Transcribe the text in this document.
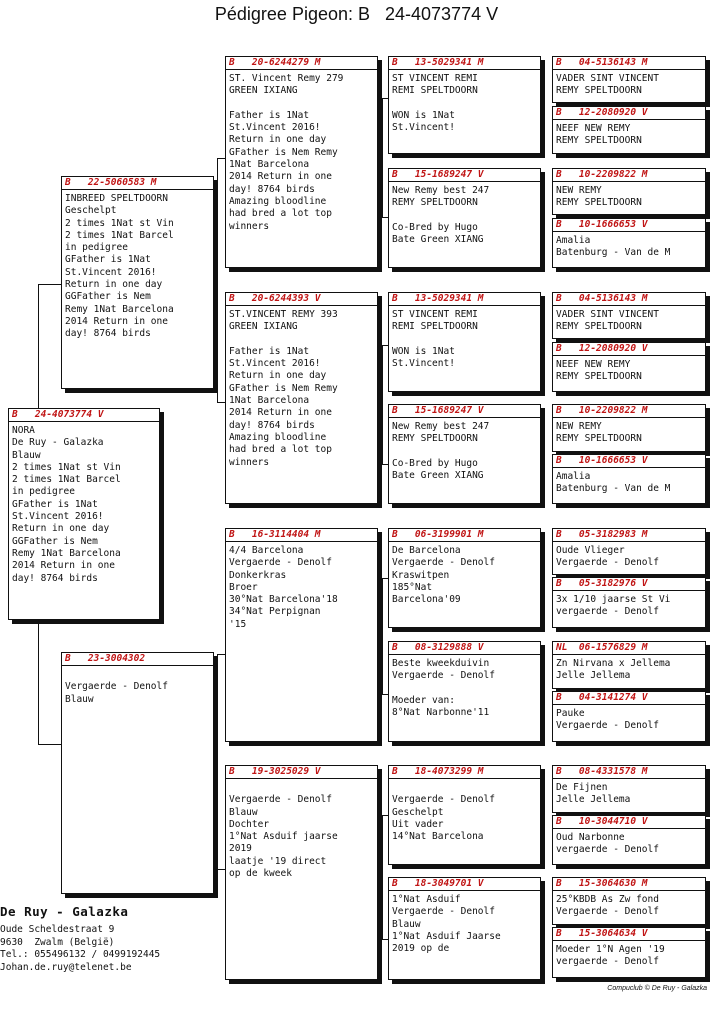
Pédigree Pigeon: B   24-4073774 V
B   24-4073774 V
NORA
De Ruy - Galazka
Blauw
2 times 1Nat st Vin
2 times 1Nat Barcel
in pedigree
GFather is 1Nat
St.Vincent 2016!
Return in one day
GGFather is Nem
Remy 1Nat Barcelona
2014 Return in one
day! 8764 birds
B   22-5060583 M
INBREED SPELTDOORN
Geschelpt
2 times 1Nat st Vin
2 times 1Nat Barcel
in pedigree
GFather is 1Nat
St.Vincent 2016!
Return in one day
GGFather is Nem
Remy 1Nat Barcelona
2014 Return in one
day! 8764 birds
B   23-3004302

Vergaerde - Denolf
Blauw
B   20-6244279 M
ST. Vincent Remy 279
GREEN IXIANG

Father is 1Nat
St.Vincent 2016!
Return in one day
GFather is Nem Remy
1Nat Barcelona
2014 Return in one
day! 8764 birds
Amazing bloodline
had bred a lot top
winners
B   20-6244393 V
ST.VINCENT REMY 393
GREEN IXIANG

Father is 1Nat
St.Vincent 2016!
Return in one day
GFather is Nem Remy
1Nat Barcelona
2014 Return in one
day! 8764 birds
Amazing bloodline
had bred a lot top
winners
B   16-3114404 M
4/4 Barcelona
Vergaerde - Denolf
Donkerkras
Broer
30°Nat Barcelona'18
34°Nat Perpignan
'15
B   19-3025029 V

Vergaerde - Denolf
Blauw
Dochter
1°Nat Asduif jaarse
2019
laatje '19 direct
op de kweek
B   13-5029341 M
ST VINCENT REMI
REMI SPELTDOORN

WON is 1Nat
St.Vincent!
B   15-1689247 V
New Remy best 247
REMY SPELTDOORN

Co-Bred by Hugo
Bate Green XIANG
B   13-5029341 M
ST VINCENT REMI
REMI SPELTDOORN

WON is 1Nat
St.Vincent!
B   15-1689247 V
New Remy best 247
REMY SPELTDOORN

Co-Bred by Hugo
Bate Green XIANG
B   06-3199901 M
De Barcelona
Vergaerde - Denolf
Kraswitpen
185°Nat
Barcelona'09
B   08-3129888 V
Beste kweekduivin
Vergaerde - Denolf

Moeder van:
8°Nat Narbonne'11
B   18-4073299 M

Vergaerde - Denolf
Geschelpt
Uit vader
14°Nat Barcelona
B   18-3049701 V
1°Nat Asduif
Vergaerde - Denolf
Blauw
1°Nat Asduif Jaarse
2019 op de
B   04-5136143 M
VADER SINT VINCENT
REMY SPELTDOORN
B   12-2080920 V
NEEF NEW REMY
REMY SPELTDOORN
B   10-2209822 M
NEW REMY
REMY SPELTDOORN
B   10-1666653 V
Amalia
Batenburg - Van de M
B   04-5136143 M
VADER SINT VINCENT
REMY SPELTDOORN
B   12-2080920 V
NEEF NEW REMY
REMY SPELTDOORN
B   10-2209822 M
NEW REMY
REMY SPELTDOORN
B   10-1666653 V
Amalia
Batenburg - Van de M
B   05-3182983 M
Oude Vlieger
Vergaerde - Denolf
B   05-3182976 V
3x 1/10 jaarse St Vi
vergaerde - Denolf
NL  06-1576829 M
Zn Nirvana x Jellema
Jelle Jellema
B   04-3141274 V
Pauke
Vergaerde - Denolf
B   08-4331578 M
De Fijnen
Jelle Jellema
B   10-3044710 V
Oud Narbonne
vergaerde - Denolf
B   15-3064630 M
25°KBDB As Zw fond
Vergaerde - Denolf
B   15-3064634 V
Moeder 1°N Agen '19
vergaerde - Denolf
De Ruy - Galazka
Oude Scheldestraat 9
9630  Zwalm (België)
Tel.: 055496132 / 0499192445
Johan.de.ruy@telenet.be
Compuclub © De Ruy - Galazka
